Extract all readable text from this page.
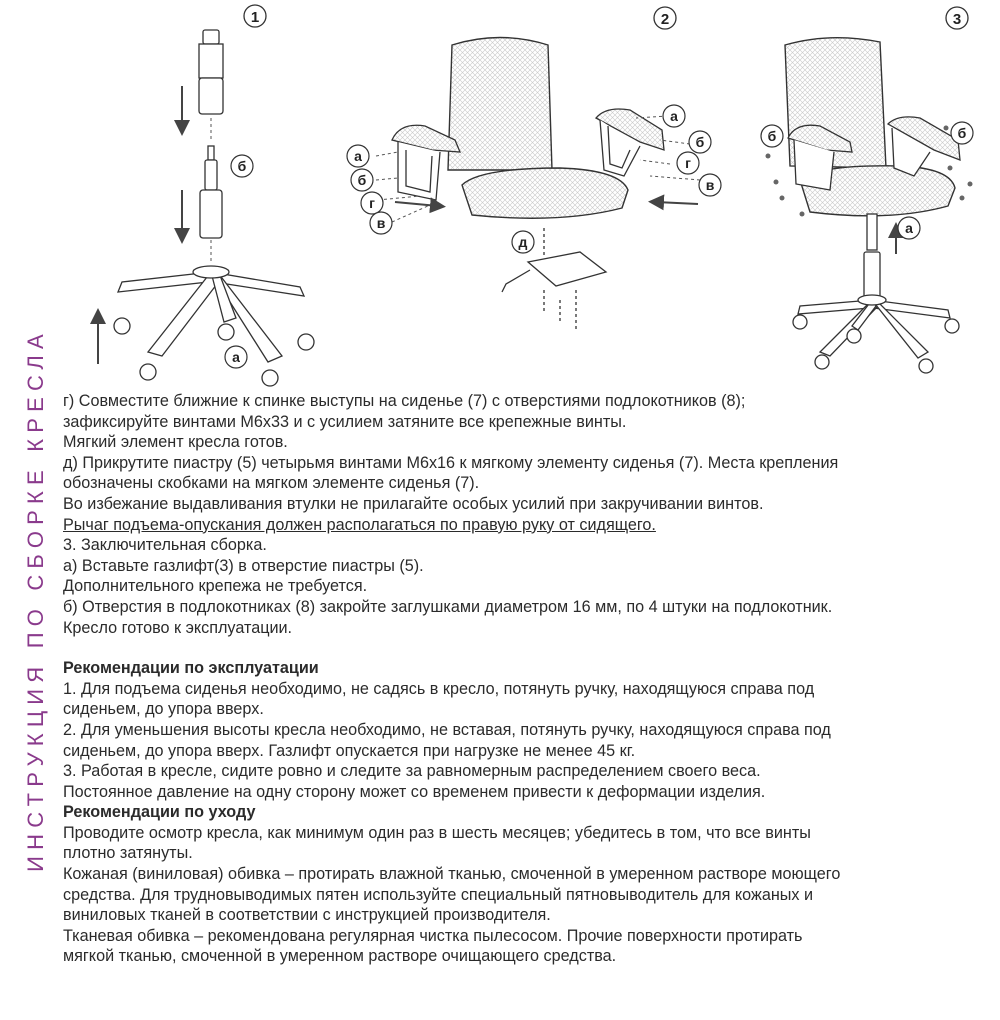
ИНСТРУКЦИЯ ПО СБОРКЕ КРЕСЛА
1
б
а
2
а
б
г
в
а
б
г
в
д
3
б	б
а

г) Совместите ближние к спинке выступы на сиденье (7) с отверстиями подлокотников (8);

зафиксируйте винтами М6х33 и с усилием затяните все крепежные винты.

Мягкий элемент кресла готов.

д) Прикрутите пиастру (5) четырьмя винтами М6х16 к мягкому элементу сиденья (7). Места крепления

обозначены скобками на мягком элементе сиденья (7).

Во избежание выдавливания втулки не прилагайте особых усилий при закручивании винтов.

Рычаг подъема-опускания должен располагаться по правую руку от сидящего.

3. Заключительная сборка.

а) Вставьте газлифт(3) в отверстие пиастры (5).

Дополнительного крепежа не требуется.

б) Отверстия в подлокотниках (8) закройте заглушками диаметром 16 мм, по 4 штуки на подлокотник.

Кресло готово к эксплуатации.

Рекомендации по эксплуатации

1. Для подъема сиденья необходимо, не садясь в кресло, потянуть ручку, находящуюся справа под

сиденьем, до упора вверх.

2. Для уменьшения высоты кресла необходимо, не вставая, потянуть ручку, находящуюся справа под

сиденьем, до упора вверх. Газлифт опускается при нагрузке не менее 45 кг.

3. Работая в кресле, сидите ровно и следите за равномерным распределением своего веса.

Постоянное давление на одну сторону может со временем привести к деформации изделия.

Рекомендации по уходу

Проводите осмотр кресла, как минимум один раз в шесть месяцев; убедитесь в том, что все винты

плотно затянуты.

Кожаная (виниловая) обивка – протирать влажной тканью, смоченной в умеренном растворе моющего

средства. Для трудновыводимых пятен используйте специальный пятновыводитель для кожаных и

виниловых тканей в соответствии с инструкцией производителя.

Тканевая обивка – рекомендована регулярная чистка пылесосом. Прочие поверхности протирать

мягкой тканью, смоченной в умеренном растворе очищающего средства.
